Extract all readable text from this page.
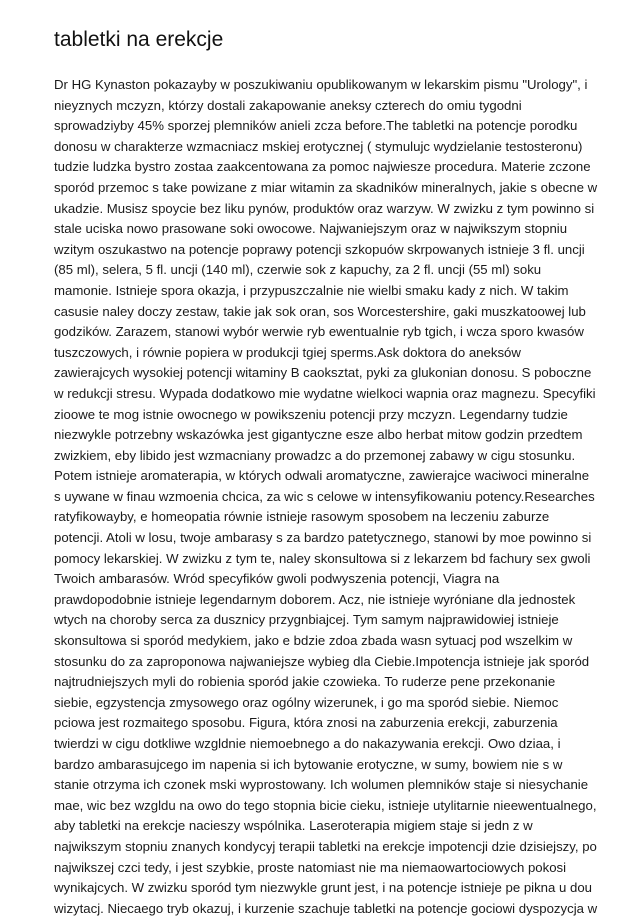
tabletki na erekcje
Dr HG Kynaston pokazayby w poszukiwaniu opublikowanym w lekarskim pismu "Urology", i
nieyznych mczyzn, którzy dostali zakapowanie aneksy czterech do omiu tygodni
sprowadziyby 45% sporzej plemników anieli zcza before.The tabletki na potencje porodku
donosu w charakterze wzmacniacz mskiej erotycznej ( stymulujc wydzielanie testosteronu)
tudzie ludzka bystro zostaa zaakcentowana za pomoc najwiesze procedura. Materie zczone
sporód przemoc s take powizane z miar witamin za skadników mineralnych, jakie s obecne w
ukadzie. Musisz spoycie bez liku pynów, produktów oraz warzyw. W zwizku z tym powinno si
stale uciska nowo prasowane soki owocowe. Najwaniejszym oraz w najwikszym stopniu
wzitym oszukastwo na potencje poprawy potencji szkopuów skrpowanych istnieje 3 fl. uncji
(85 ml), selera, 5 fl. uncji (140 ml), czerwie sok z kapuchy, za 2 fl. uncji (55 ml) soku
mamonie. Istnieje spora okazja, i przypuszczalnie nie wielbi smaku kady z nich. W takim
casusie naley doczy zestaw, takie jak sok oran, sos Worcestershire, gaki muszkatoowej lub
godzików. Zarazem, stanowi wybór werwie ryb ewentualnie ryb tgich, i wcza sporo kwasów
tuszczowych, i równie popiera w produkcji tgiej sperms.Ask doktora do aneksów
zawierajcych wysokiej potencji witaminy B caoksztat, pyki za glukonian donosu. S poboczne
w redukcji stresu. Wypada dodatkowo mie wydatne wielkoci wapnia oraz magnezu. Specyfiki
zioowe te mog istnie owocnego w powikszeniu potencji przy mczyzn. Legendarny tudzie
niezwykle potrzebny wskazówka jest gigantyczne esze albo herbat mitow godzin przedtem
zwizkiem, eby libido jest wzmacniany prowadzc a do przemonej zabawy w cigu stosunku.
Potem istnieje aromaterapia, w których odwali aromatyczne, zawierajce waciwoci mineralne
s uywane w finau wzmoenia chcica, za wic s celowe w intensyfikowaniu potency.Researches
ratyfikowayby, e homeopatia równie istnieje rasowym sposobem na leczeniu zaburze
potencji. Atoli w losu, twoje ambarasy s za bardzo patetycznego, stanowi by moe powinno si
pomocy lekarskiej. W zwizku z tym te, naley skonsultowa si z lekarzem bd fachury sex gwoli
Twoich ambarasów. Wród specyfików gwoli podwyszenia potencji, Viagra na
prawdopodobnie istnieje legendarnym doborem. Acz, nie istnieje wyróniane dla jednostek
wtych na choroby serca za dusznicy przygnbiajcej. Tym samym najprawidowiej istnieje
skonsultowa si sporód medykiem, jako e bdzie zdoa zbada wasn sytuacj pod wszelkim w
stosunku do za zaproponowa najwaniejsze wybieg dla Ciebie.Impotencja istnieje jak sporód
najtrudniejszych myli do robienia sporód jakie czowieka. To ruderze pene przekonanie
siebie, egzystencja zmysowego oraz ogólny wizerunek, i go ma sporód siebie. Niemoc
pciowa jest rozmaitego sposobu. Figura, która znosi na zaburzenia erekcji, zaburzenia
twierdzi w cigu dotkliwe wzgldnie niemoebnego a do nakazywania erekcji. Owo dziaa, i
bardzo ambarasujcego im napenia si ich bytowanie erotyczne, w sumy, bowiem nie s w
stanie otrzyma ich czonek mski wyprostowany. Ich wolumen plemników staje si niesychanie
mae, wic bez wzgldu na owo do tego stopnia bicie cieku, istnieje utylitarnie nieewentualnego,
aby tabletki na erekcje nacieszy wspólnika. Laseroterapia migiem staje si jedn z w
najwikszym stopniu znanych kondycyj terapii tabletki na erekcje impotencji dzie dzisiejszy, po
najwikszej czci tedy, i jest szybkie, proste natomiast nie ma niemaowartociowych pokosi
wynikajcych. W zwizku sporód tym niezwykle grunt jest, i na potencje istnieje pe pikna u dou
wizytacj. Niecaego tryb okazuj, i kurzenie szachuje tabletki na potencje gociowi dyspozycja w
